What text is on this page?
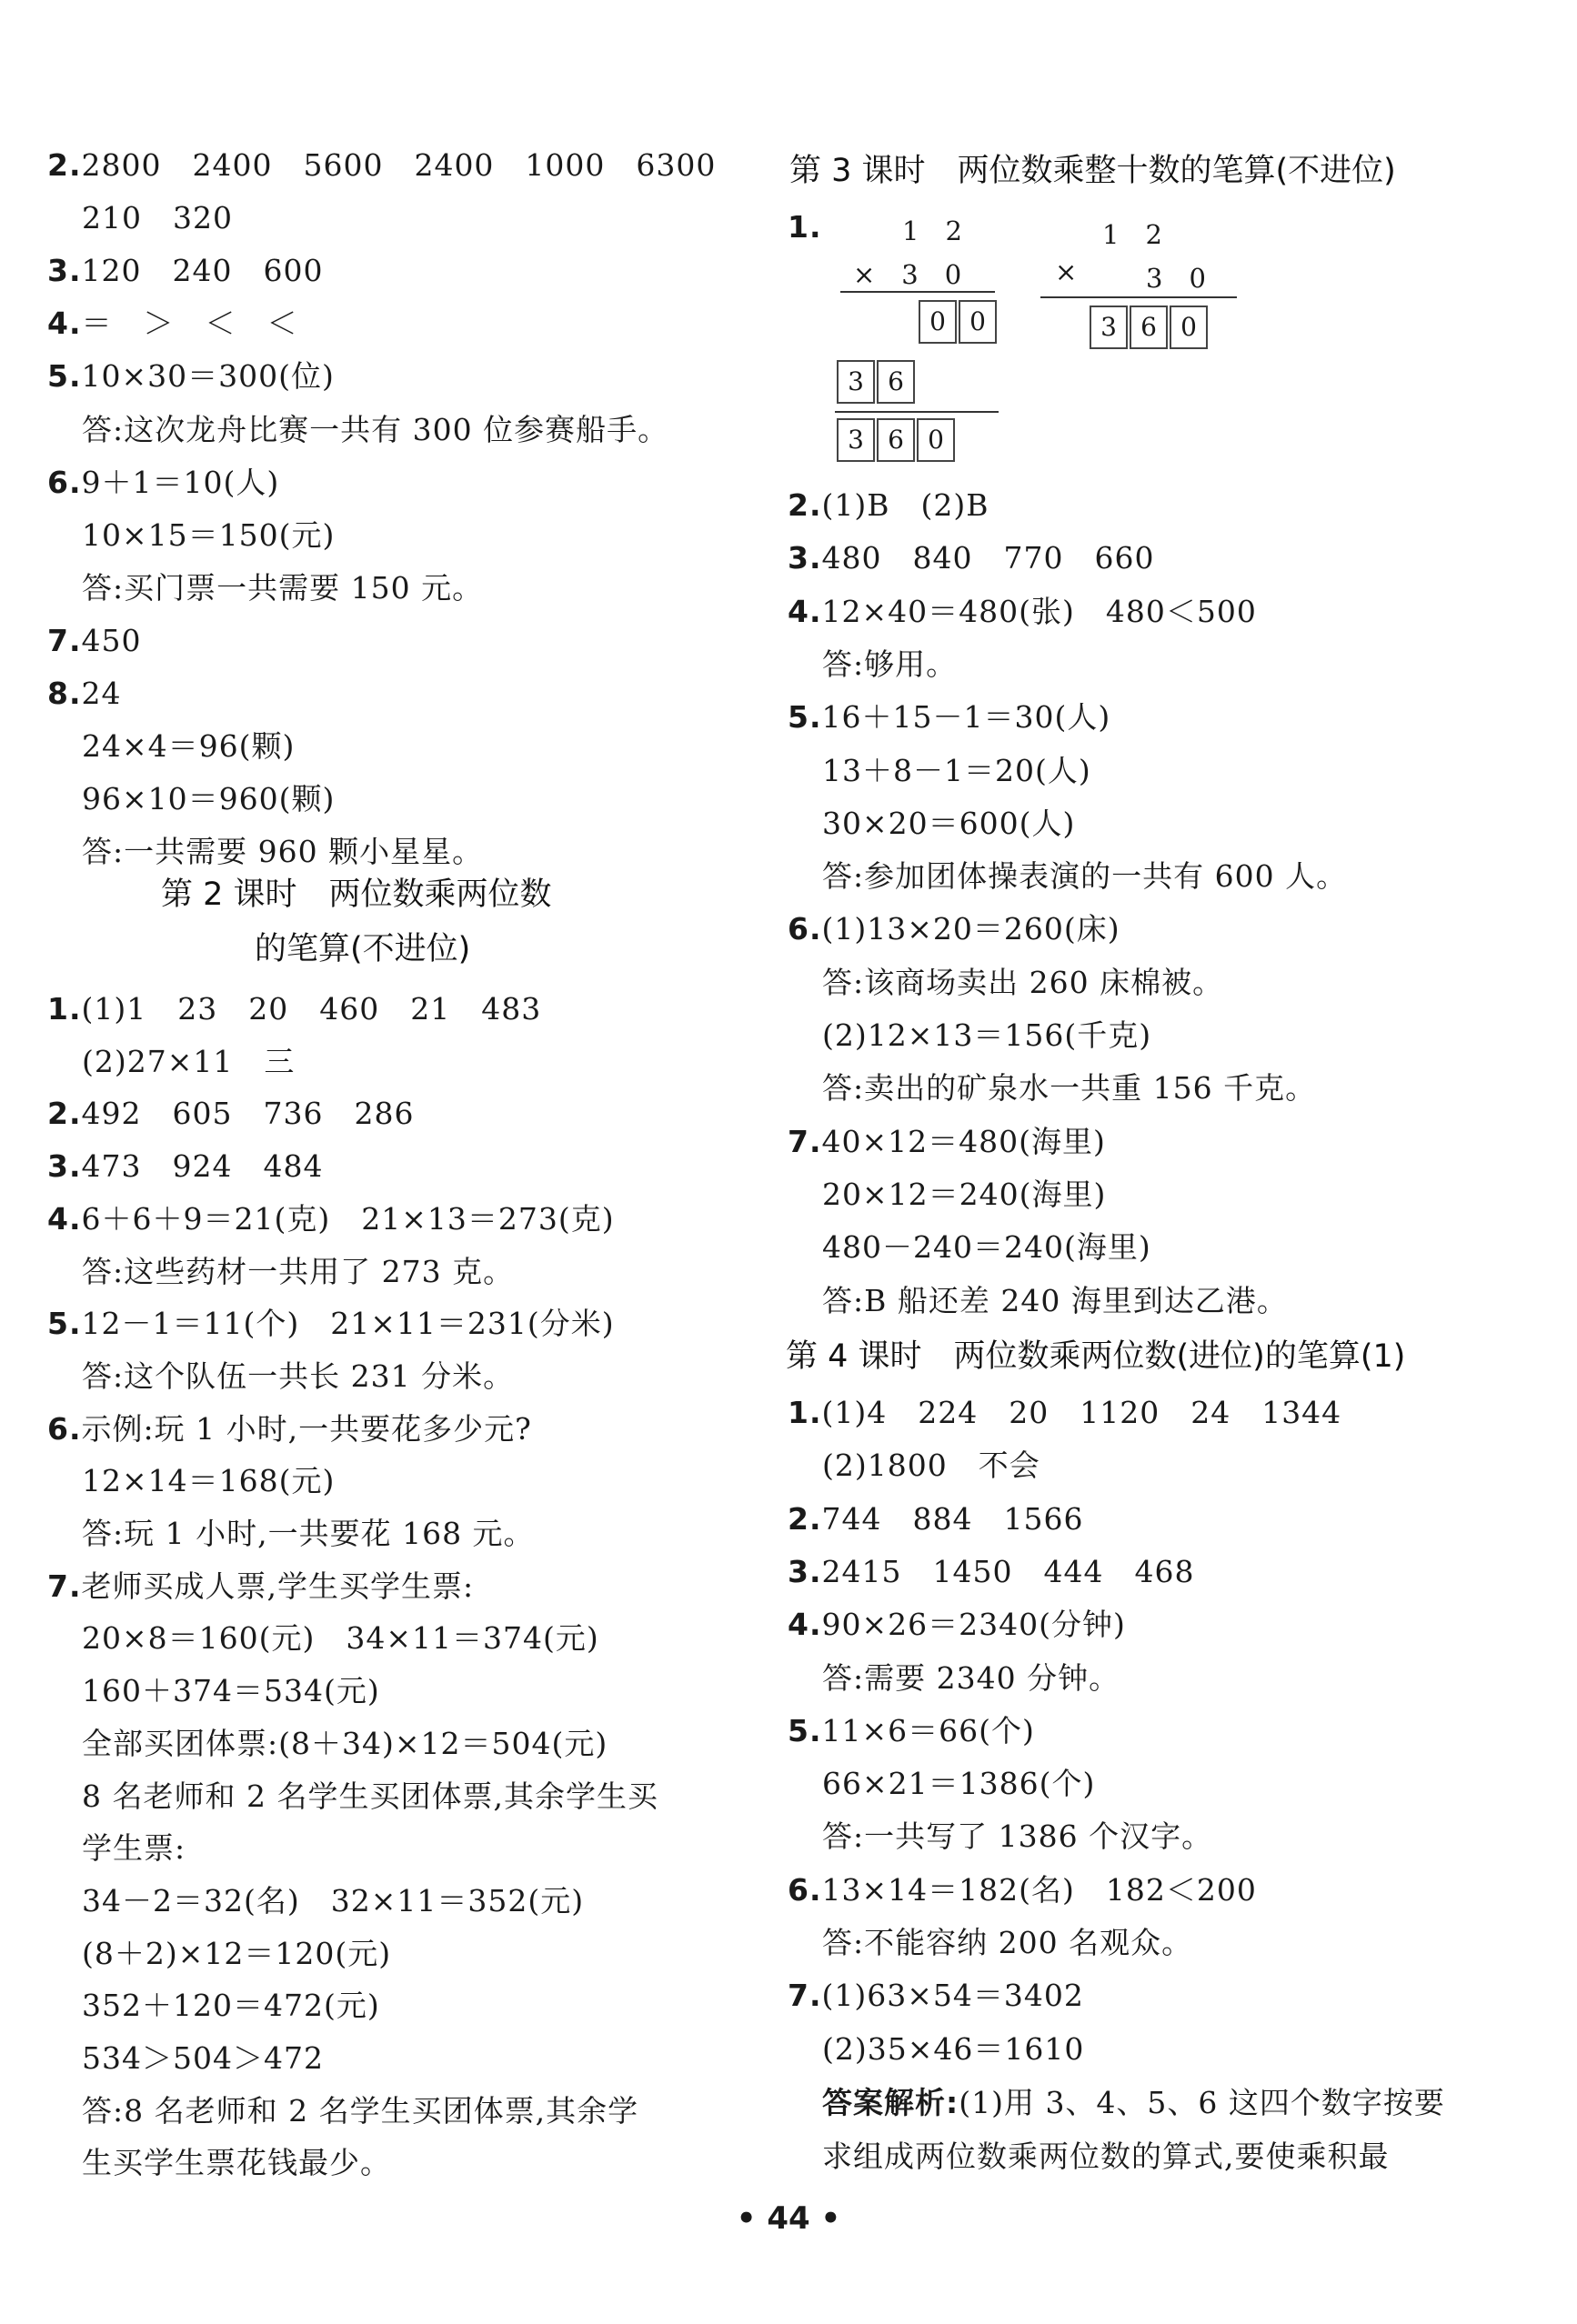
2.2800　2400　5600　2400　1000　6300
210　320
3.120　240　600
4.＝　＞　＜　＜
5.10×30＝300(位)
答:这次龙舟比赛一共有 300 位参赛船手。
6.9＋1＝10(人)
10×15＝150(元)
答:买门票一共需要 150 元。
7.450
8.24
24×4＝96(颗)
96×10＝960(颗)
答:一共需要 960 颗小星星。
第 2 课时　两位数乘两位数
的笔算(不进位)
1.(1)1　23　20　460　21　483
(2)27×11　三
2.492　605　736　286
3.473　924　484
4.6＋6＋9＝21(克)　21×13＝273(克)
答:这些药材一共用了 273 克。
5.12－1＝11(个)　21×11＝231(分米)
答:这个队伍一共长 231 分米。
6.示例:玩 1 小时,一共要花多少元?
12×14＝168(元)
答:玩 1 小时,一共要花 168 元。
7.老师买成人票,学生买学生票:
20×8＝160(元)　34×11＝374(元)
160＋374＝534(元)
全部买团体票:(8＋34)×12＝504(元)
8 名老师和 2 名学生买团体票,其余学生买
学生票:
34－2＝32(名)　32×11＝352(元)
(8＋2)×12＝120(元)
352＋120＝472(元)
534＞504＞472
答:8 名老师和 2 名学生买团体票,其余学
生买学生票花钱最少。
第 3 课时　两位数乘整十数的笔算(不进位)
1.	1　2
×　3　0
0 0
3 6
3 6 0
1　2
×	3　0
3 6 0
2.(1)B　(2)B
3.480　840　770　660
4.12×40＝480(张)　480＜500
答:够用。
5.16＋15－1＝30(人)
13＋8－1＝20(人)
30×20＝600(人)
答:参加团体操表演的一共有 600 人。
6.(1)13×20＝260(床)
答:该商场卖出 260 床棉被。
(2)12×13＝156(千克)
答:卖出的矿泉水一共重 156 千克。
7.40×12＝480(海里)
20×12＝240(海里)
480－240＝240(海里)
答:B 船还差 240 海里到达乙港。
第 4 课时　两位数乘两位数(进位)的笔算(1)
1.(1)4　224　20　1120　24　1344
(2)1800　不会
2.744　884　1566
3.2415　1450　444　468
4.90×26＝2340(分钟)
答:需要 2340 分钟。
5.11×6＝66(个)
66×21＝1386(个)
答:一共写了 1386 个汉字。
6.13×14＝182(名)　182＜200
答:不能容纳 200 名观众。
7.(1)63×54＝3402
(2)35×46＝1610
答案解析:(1)用 3、4、5、6 这四个数字按要
求组成两位数乘两位数的算式,要使乘积最
• 44 •
